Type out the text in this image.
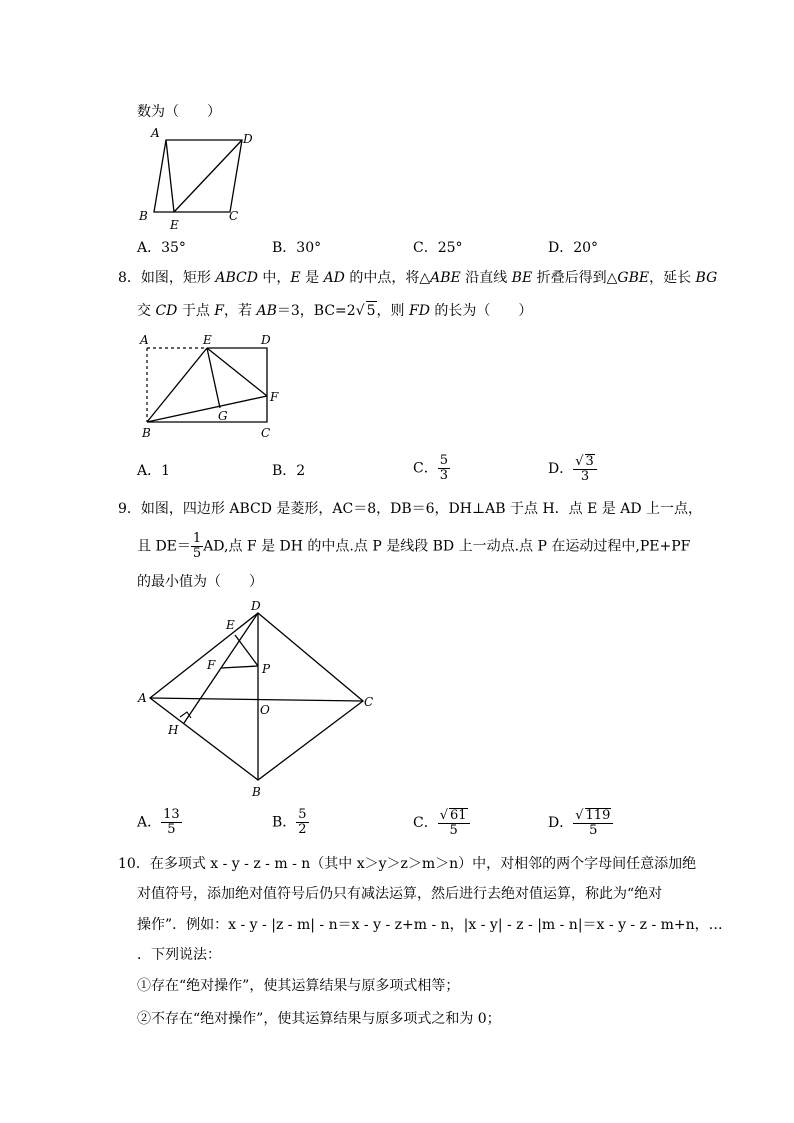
数为（　　）
A	D
B
E
C
A．35°	B．30°	C．25°	D．20°
8．如图，矩形 ABCD 中，E 是 AD 的中点，将△ABE 沿直线 BE 折叠后得到△GBE，延长 BG
交 CD 于点 F，若 AB＝3，BC=2√ 5，则 FD 的长为（　　）
A	E	D
F
G
B	C
A．1	B．2	C． $\frac{5}{3}$	D． $\frac{√ 3}{3}$
9．如图，四边形 ABCD 是菱形，AC＝8，DB＝6，DH⊥AB 于点 H．点 E 是 AD 上一点，
且 $DE= \frac{1}{5}$ AD,点 F 是 DH 的中点.点 P 是线段 BD 上一动点.点 P 在运动过程中,PE+PF
的最小值为（　　）
D
E
F	P
A
O
C
H
B
A． $\frac{13}{5}$	B． $\frac{5}{2}$	C． $\frac{√ 61}{5}$	D． $\frac{√ 119}{5}$
10．在多项式 x - y - z - m - n（其中 x＞y＞z＞m＞n）中，对相邻的两个字母间任意添加绝
对值符号，添加绝对值符号后仍只有减法运算，然后进行去绝对值运算，称此为“绝对
操作”．例如：x - y - |z - m| - n＝x - y - z+m - n，|x - y| - z - |m - n|＝x - y - z - m+n，…
．下列说法：
①存在“绝对操作”，使其运算结果与原多项式相等；
②不存在“绝对操作”，使其运算结果与原多项式之和为 0；
